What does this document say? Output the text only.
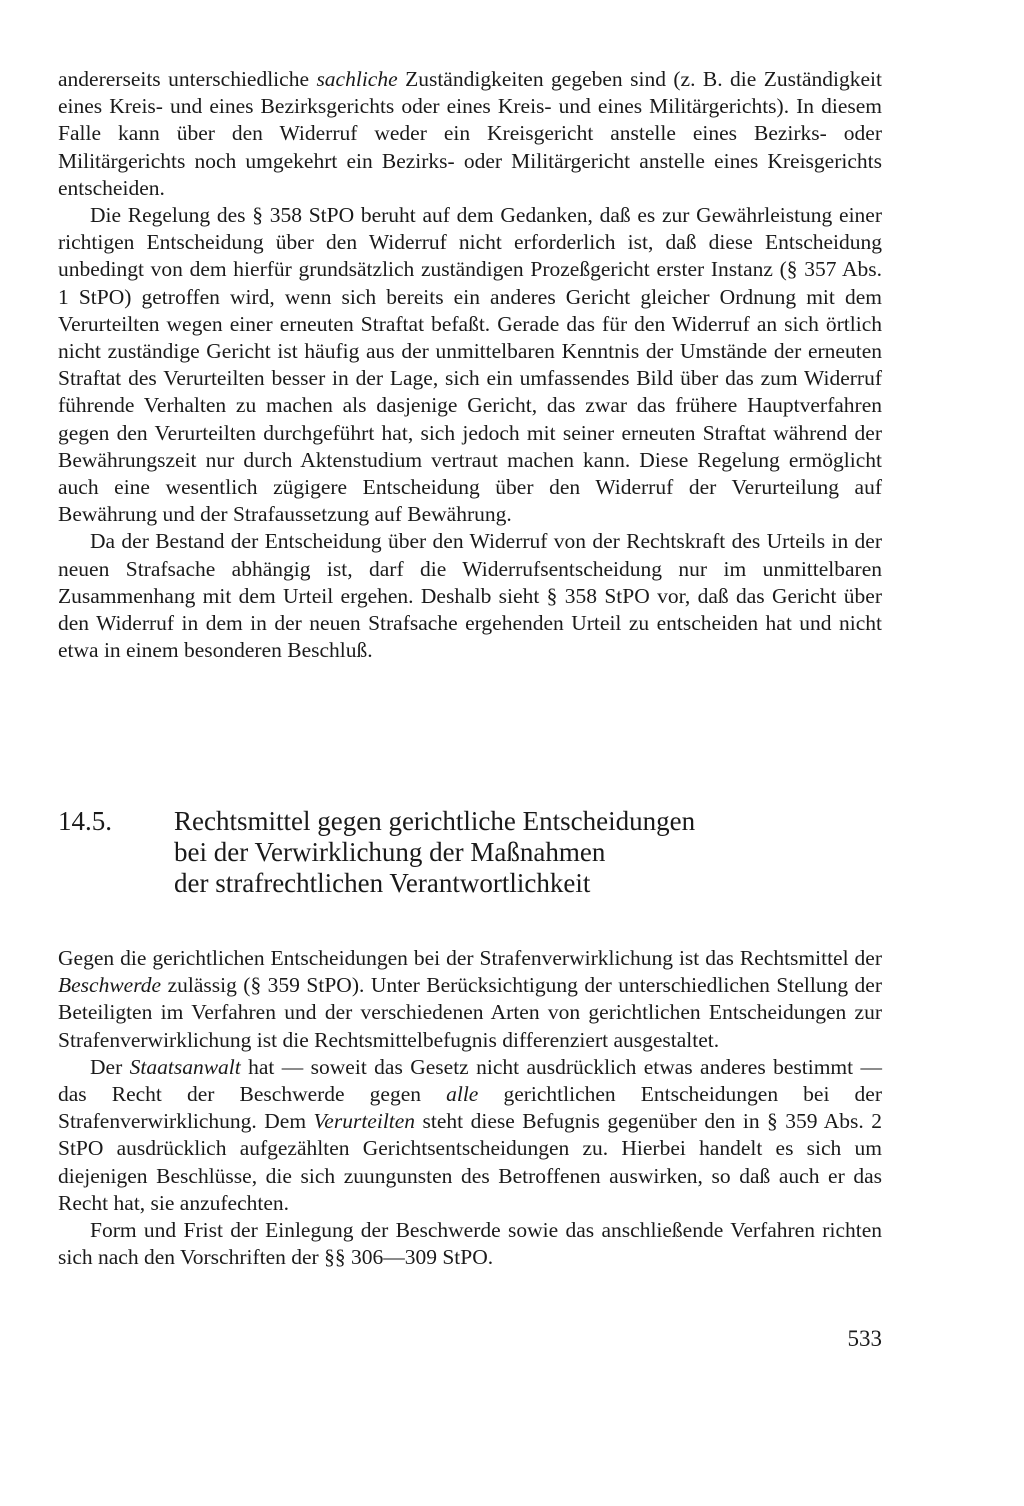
andererseits unterschiedliche sachliche Zuständigkeiten gegeben sind (z. B. die Zuständigkeit eines Kreis- und eines Bezirksgerichts oder eines Kreis- und eines Militärgerichts). In diesem Falle kann über den Widerruf weder ein Kreisgericht anstelle eines Bezirks- oder Militärgerichts noch umgekehrt ein Bezirks- oder Militärgericht anstelle eines Kreisgerichts entscheiden.

Die Regelung des § 358 StPO beruht auf dem Gedanken, daß es zur Gewährleistung einer richtigen Entscheidung über den Widerruf nicht erforderlich ist, daß diese Entscheidung unbedingt von dem hierfür grundsätzlich zuständigen Prozeßgericht erster Instanz (§ 357 Abs. 1 StPO) getroffen wird, wenn sich bereits ein anderes Gericht gleicher Ordnung mit dem Verurteilten wegen einer erneuten Straftat befaßt. Gerade das für den Widerruf an sich örtlich nicht zuständige Gericht ist häufig aus der unmittelbaren Kenntnis der Umstände der erneuten Straftat des Verurteilten besser in der Lage, sich ein umfassendes Bild über das zum Widerruf führende Verhalten zu machen als dasjenige Gericht, das zwar das frühere Hauptverfahren gegen den Verurteilten durchgeführt hat, sich jedoch mit seiner erneuten Straftat während der Bewährungszeit nur durch Aktenstudium vertraut machen kann. Diese Regelung ermöglicht auch eine wesentlich zügigere Entscheidung über den Widerruf der Verurteilung auf Bewährung und der Strafaussetzung auf Bewährung.

Da der Bestand der Entscheidung über den Widerruf von der Rechtskraft des Urteils in der neuen Strafsache abhängig ist, darf die Widerrufsentscheidung nur im unmittelbaren Zusammenhang mit dem Urteil ergehen. Deshalb sieht § 358 StPO vor, daß das Gericht über den Widerruf in dem in der neuen Strafsache ergehenden Urteil zu entscheiden hat und nicht etwa in einem besonderen Beschluß.

14.5.	Rechtsmittel gegen gerichtliche Entscheidungen
bei der Verwirklichung der Maßnahmen
der strafrechtlichen Verantwortlichkeit

Gegen die gerichtlichen Entscheidungen bei der Strafenverwirklichung ist das Rechtsmittel der Beschwerde zulässig (§ 359 StPO). Unter Berücksichtigung der unterschiedlichen Stellung der Beteiligten im Verfahren und der verschiedenen Arten von gerichtlichen Entscheidungen zur Strafenverwirklichung ist die Rechtsmittelbefugnis differenziert ausgestaltet.

Der Staatsanwalt hat — soweit das Gesetz nicht ausdrücklich etwas anderes bestimmt — das Recht der Beschwerde gegen alle gerichtlichen Entscheidungen bei der Strafenverwirklichung. Dem Verurteilten steht diese Befugnis gegenüber den in § 359 Abs. 2 StPO ausdrücklich aufgezählten Gerichtsentscheidungen zu. Hierbei handelt es sich um diejenigen Beschlüsse, die sich zuungunsten des Betroffenen auswirken, so daß auch er das Recht hat, sie anzufechten.

Form und Frist der Einlegung der Beschwerde sowie das anschließende Verfahren richten sich nach den Vorschriften der §§ 306—309 StPO.

533
